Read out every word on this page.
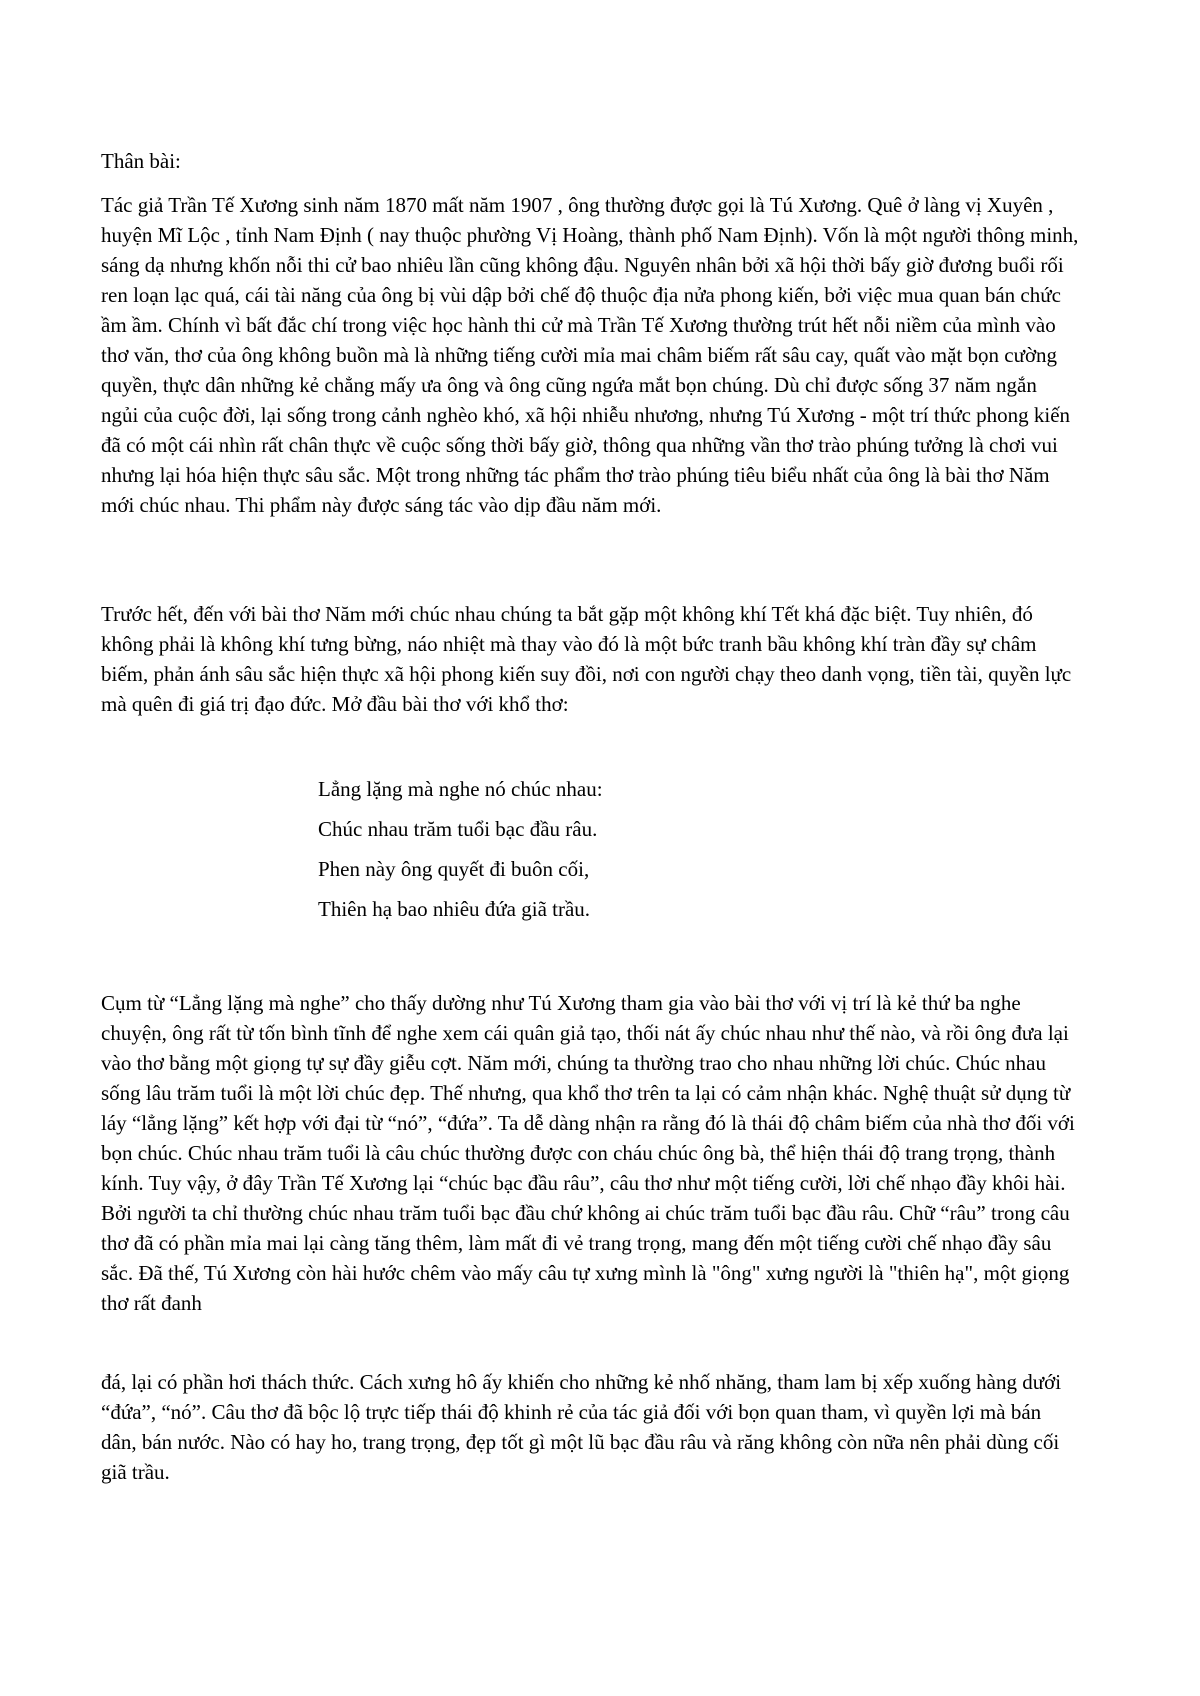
Thân bài:

Tác giả Trần Tế Xương sinh năm 1870 mất năm 1907 , ông thường được gọi là Tú Xương. Quê ở làng vị Xuyên , huyện Mĩ Lộc , tỉnh Nam Định ( nay thuộc phường Vị Hoàng, thành phố Nam Định). Vốn là một người thông minh, sáng dạ nhưng khốn nỗi thi cử bao nhiêu lần cũng không đậu. Nguyên nhân bởi xã hội thời bấy giờ đương buổi rối ren loạn lạc quá, cái tài năng của ông bị vùi dập bởi chế độ thuộc địa nửa phong kiến, bởi việc mua quan bán chức ầm ầm. Chính vì bất đắc chí trong việc học hành thi cử mà Trần Tế Xương thường trút hết nỗi niềm của mình vào thơ văn, thơ của ông không buồn mà là những tiếng cười mỉa mai châm biếm rất sâu cay, quất vào mặt bọn cường quyền, thực dân những kẻ chẳng mấy ưa ông và ông cũng ngứa mắt bọn chúng. Dù chỉ được sống 37 năm ngắn ngủi của cuộc đời, lại sống trong cảnh nghèo khó, xã hội nhiễu nhương, nhưng Tú Xương - một trí thức phong kiến đã có một cái nhìn rất chân thực về cuộc sống thời bấy giờ, thông qua những vần thơ trào phúng tưởng là chơi vui nhưng lại hóa hiện thực sâu sắc. Một trong những tác phẩm thơ trào phúng tiêu biểu nhất của ông là bài thơ Năm mới chúc nhau. Thi phẩm này được sáng tác vào dịp đầu năm mới.

Trước hết, đến với bài thơ Năm mới chúc nhau chúng ta bắt gặp một không khí Tết khá đặc biệt. Tuy nhiên, đó không phải là không khí tưng bừng, náo nhiệt mà thay vào đó là một bức tranh bầu không khí tràn đầy sự châm biếm, phản ánh sâu sắc hiện thực xã hội phong kiến suy đồi, nơi con người chạy theo danh vọng, tiền tài, quyền lực mà quên đi giá trị đạo đức. Mở đầu bài thơ với khổ thơ:

Lẳng lặng mà nghe nó chúc nhau:
Chúc nhau trăm tuổi bạc đầu râu.
Phen này ông quyết đi buôn cối,
Thiên hạ bao nhiêu đứa giã trầu.

Cụm từ “Lẳng lặng mà nghe” cho thấy dường như Tú Xương tham gia vào bài thơ với vị trí là kẻ thứ ba nghe chuyện, ông rất từ tốn bình tĩnh để nghe xem cái quân giả tạo, thối nát ấy chúc nhau như thế nào, và rồi ông đưa lại vào thơ bằng một giọng tự sự đầy giễu cợt. Năm mới, chúng ta thường trao cho nhau những lời chúc. Chúc nhau sống lâu trăm tuổi là một lời chúc đẹp. Thế nhưng, qua khổ thơ trên ta lại có cảm nhận khác. Nghệ thuật sử dụng từ láy “lẳng lặng” kết hợp với đại từ “nó”, “đứa”. Ta dễ dàng nhận ra rằng đó là thái độ châm biếm của nhà thơ đối với bọn chúc. Chúc nhau trăm tuổi là câu chúc thường được con cháu chúc ông bà, thể hiện thái độ trang trọng, thành kính. Tuy vậy, ở đây Trần Tế Xương lại “chúc bạc đầu râu”, câu thơ như một tiếng cười, lời chế nhạo đầy khôi hài. Bởi người ta chỉ thường chúc nhau trăm tuổi bạc đầu chứ không ai chúc trăm tuổi bạc đầu râu. Chữ “râu” trong câu thơ đã có phần mỉa mai lại càng tăng thêm, làm mất đi vẻ trang trọng, mang đến một tiếng cười chế nhạo đầy sâu sắc. Đã thế, Tú Xương còn hài hước chêm vào mấy câu tự xưng mình là "ông" xưng người là "thiên hạ", một giọng thơ rất đanh

đá, lại có phần hơi thách thức. Cách xưng hô ấy khiến cho những kẻ nhố nhăng, tham lam bị xếp xuống hàng dưới “đứa”, “nó”. Câu thơ đã bộc lộ trực tiếp thái độ khinh rẻ của tác giả đối với bọn quan tham, vì quyền lợi mà bán dân, bán nước. Nào có hay ho, trang trọng, đẹp tốt gì một lũ bạc đầu râu và răng không còn nữa nên phải dùng cối giã trầu.
